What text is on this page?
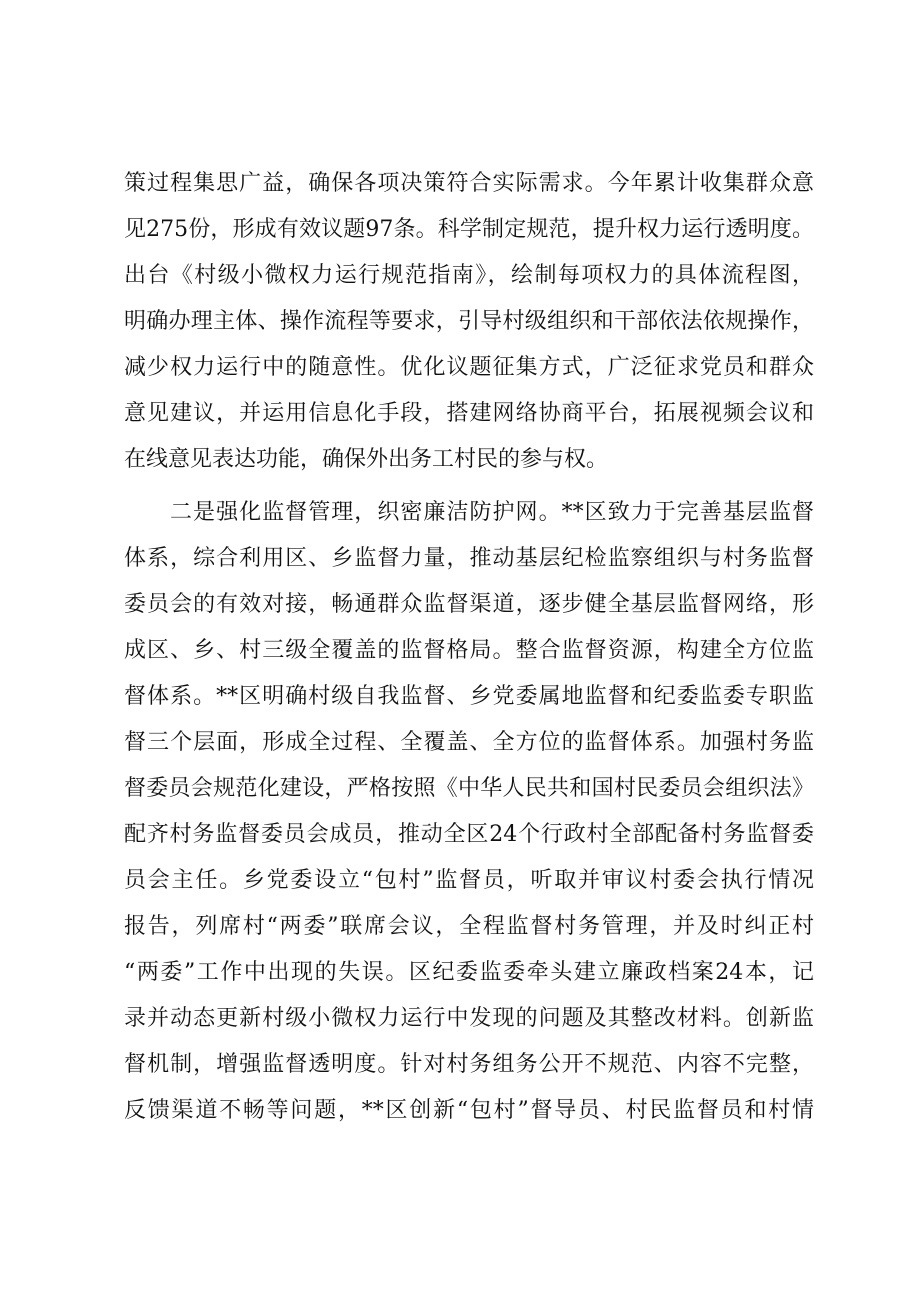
策过程集思广益，确保各项决策符合实际需求。今年累计收集群众意
见275份，形成有效议题97条。科学制定规范，提升权力运行透明度。
出台《村级小微权力运行规范指南》，绘制每项权力的具体流程图，
明确办理主体、操作流程等要求，引导村级组织和干部依法依规操作，
减少权力运行中的随意性。优化议题征集方式，广泛征求党员和群众
意见建议，并运用信息化手段，搭建网络协商平台，拓展视频会议和
在线意见表达功能，确保外出务工村民的参与权。
二是强化监督管理，织密廉洁防护网。**区致力于完善基层监督
体系，综合利用区、乡监督力量，推动基层纪检监察组织与村务监督
委员会的有效对接，畅通群众监督渠道，逐步健全基层监督网络，形
成区、乡、村三级全覆盖的监督格局。整合监督资源，构建全方位监
督体系。**区明确村级自我监督、乡党委属地监督和纪委监委专职监
督三个层面，形成全过程、全覆盖、全方位的监督体系。加强村务监
督委员会规范化建设，严格按照《中华人民共和国村民委员会组织法》
配齐村务监督委员会成员，推动全区24个行政村全部配备村务监督委
员会主任。乡党委设立“包村”监督员，听取并审议村委会执行情况
报告，列席村“两委”联席会议，全程监督村务管理，并及时纠正村
“两委”工作中出现的失误。区纪委监委牵头建立廉政档案24本，记
录并动态更新村级小微权力运行中发现的问题及其整改材料。创新监
督机制，增强监督透明度。针对村务组务公开不规范、内容不完整，
反馈渠道不畅等问题，**区创新“包村”督导员、村民监督员和村情
